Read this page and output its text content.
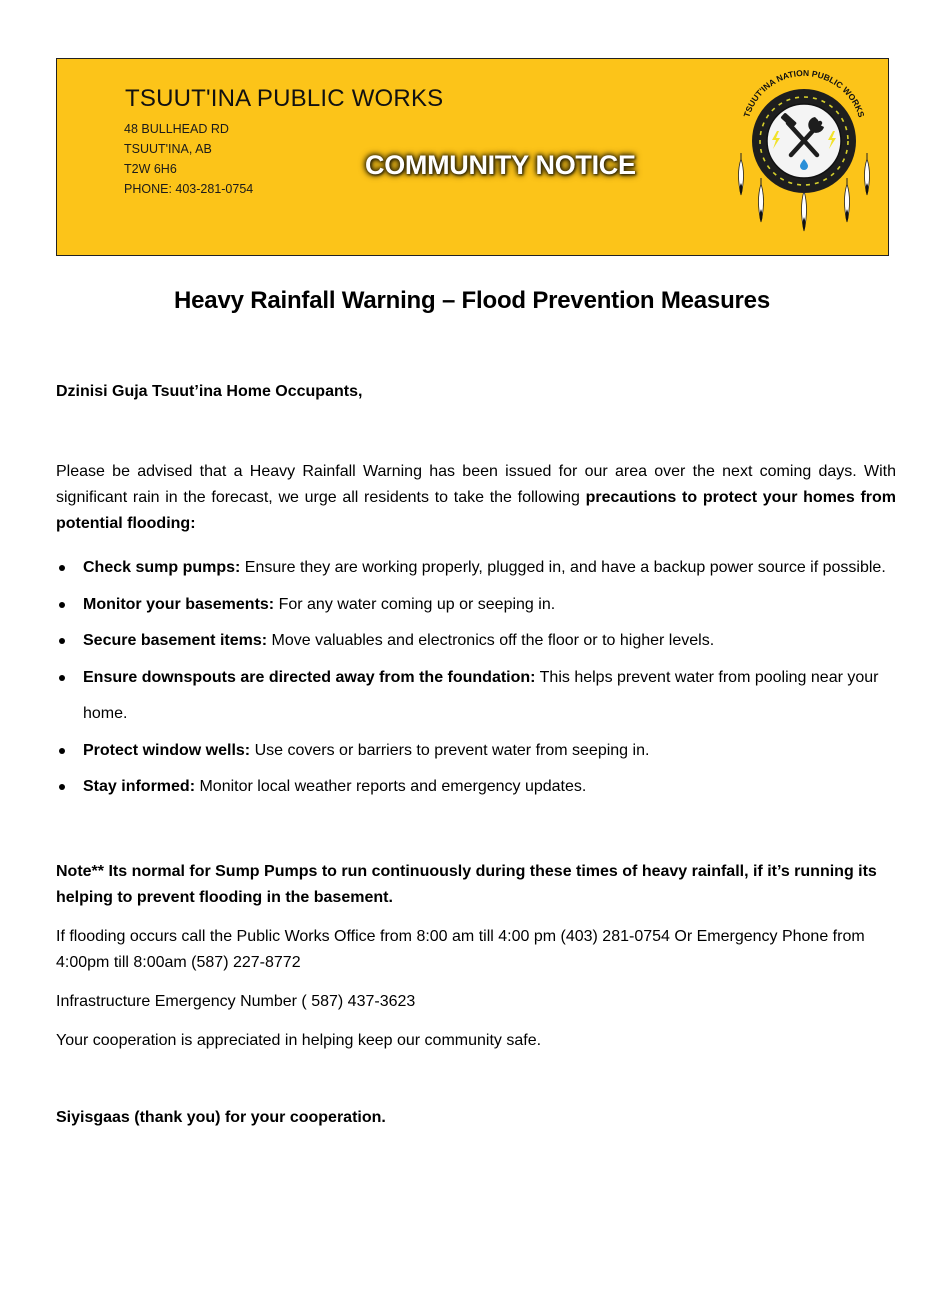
TSUUT'INA PUBLIC WORKS
48 BULLHEAD RD
TSUUT'INA, AB
T2W 6H6
PHONE: 403-281-0754
COMMUNITY NOTICE
TSUUT'INA NATION PUBLIC WORKS
Heavy Rainfall Warning – Flood Prevention Measures
Dzinisi Guja Tsuut’ina Home Occupants,
Please be advised that a Heavy Rainfall Warning has been issued for our area over the next coming days. With significant rain in the forecast, we urge all residents to take the following precautions to protect your homes from potential flooding:
Check sump pumps: Ensure they are working properly, plugged in, and have a backup power source if possible.
Monitor your basements: For any water coming up or seeping in.
Secure basement items: Move valuables and electronics off the floor or to higher levels.
Ensure downspouts are directed away from the foundation: This helps prevent water from pooling near your home.
Protect window wells: Use covers or barriers to prevent water from seeping in.
Stay informed: Monitor local weather reports and emergency updates.
Note** Its normal for Sump Pumps to run continuously during these times of heavy rainfall, if it’s running its helping to prevent flooding in the basement.
If flooding occurs call the Public Works Office from 8:00 am till 4:00 pm (403) 281-0754 Or Emergency Phone from 4:00pm till 8:00am (587) 227-8772
Infrastructure Emergency Number ( 587) 437-3623
Your cooperation is appreciated in helping keep our community safe.
Siyisgaas (thank you) for your cooperation.
